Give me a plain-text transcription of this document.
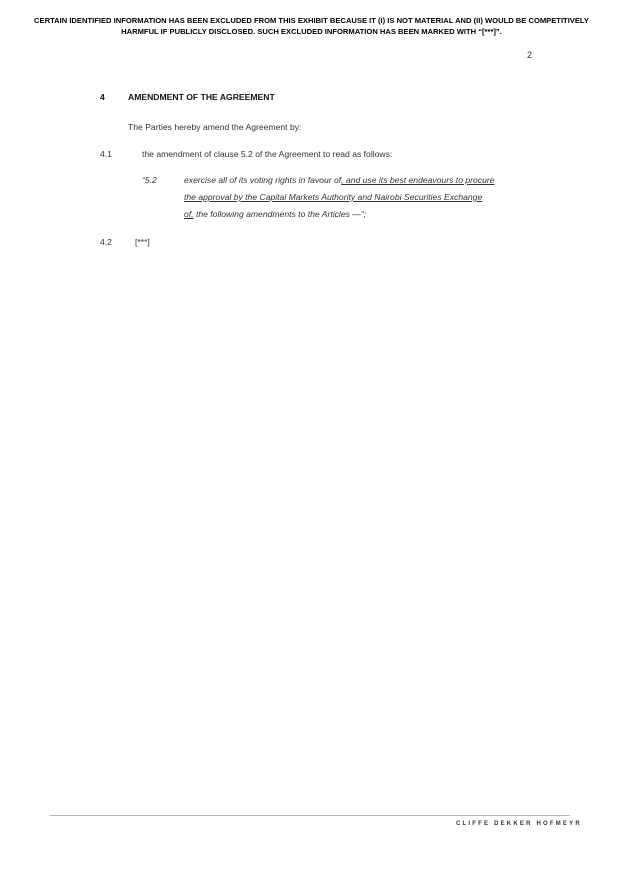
CERTAIN IDENTIFIED INFORMATION HAS BEEN EXCLUDED FROM THIS EXHIBIT BECAUSE IT (I) IS NOT MATERIAL AND (II) WOULD BE COMPETITIVELY HARMFUL IF PUBLICLY DISCLOSED. SUCH EXCLUDED INFORMATION HAS BEEN MARKED WITH “[***]”.
2
4	AMENDMENT OF THE AGREEMENT
The Parties hereby amend the Agreement by:
4.1	the amendment of clause 5.2 of the Agreement to read as follows:
“5.2	exercise all of its voting rights in favour of, and use its best endeavours to procure
the approval by the Capital Markets Authority and Nairobi Securities Exchange
of, the following amendments to the Articles —“;
4.2	[***]
CLIFFE DEKKER HOFMEYR
